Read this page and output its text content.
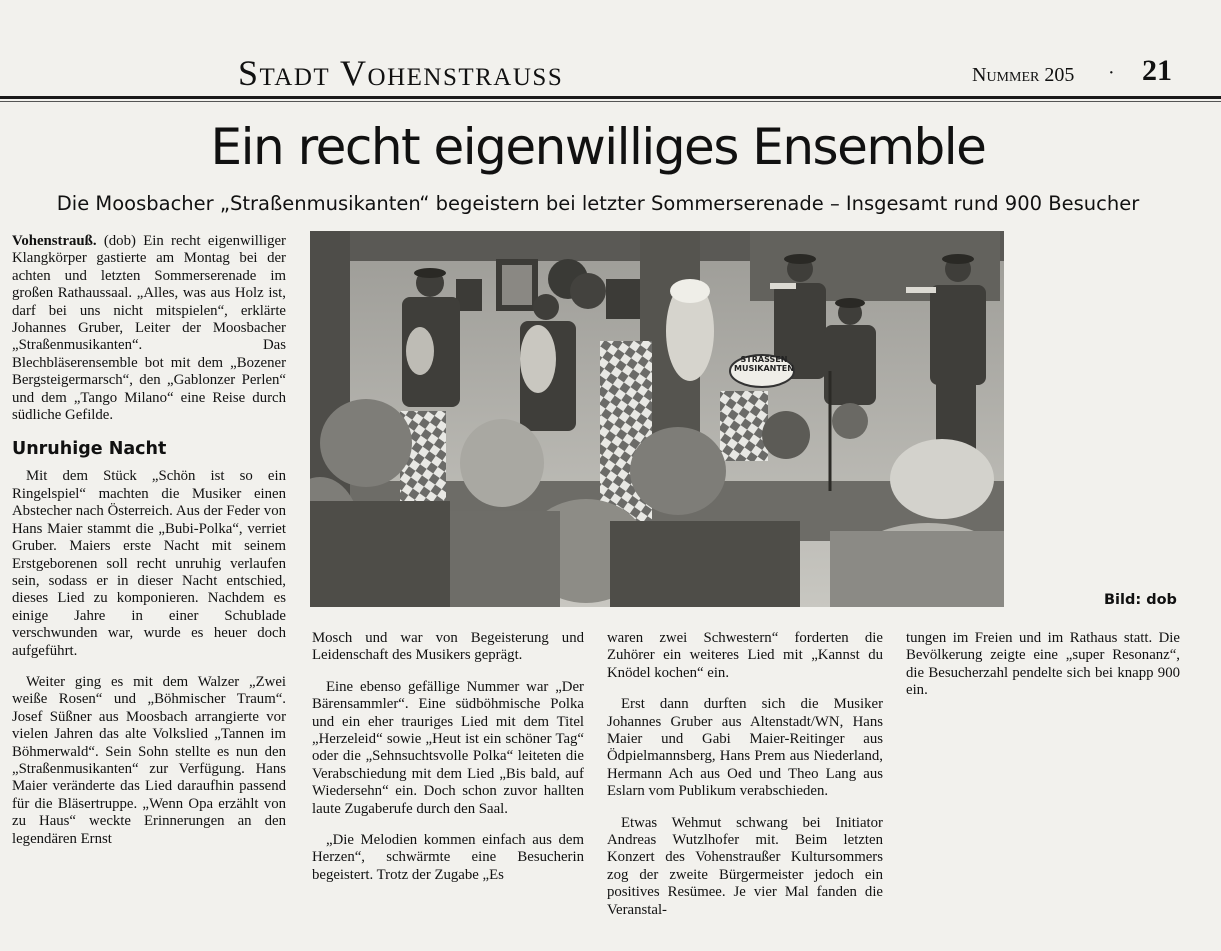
Stadt Vohenstrauss	Nummer 205 · 21
Ein recht eigenwilliges Ensemble
Die Moosbacher „Straßenmusikanten“ begeistern bei letzter Sommerserenade – Insgesamt rund 900 Besucher

Vohenstrauß. (dob) Ein recht eigenwilliger Klangkörper gastierte am Montag bei der achten und letzten Sommerserenade im großen Rathaussaal. „Alles, was aus Holz ist, darf bei uns nicht mitspielen“, erklärte Johannes Gruber, Leiter der Moosbacher „Straßenmusikanten“. Das Blechbläserensemble bot mit dem „Bozener Bergsteigermarsch“, den „Gablonzer Perlen“ und dem „Tango Milano“ eine Reise durch südliche Gefilde.

Unruhige Nacht

Mit dem Stück „Schön ist so ein Ringelspiel“ machten die Musiker einen Abstecher nach Österreich. Aus der Feder von Hans Maier stammt die „Bubi-Polka“, verriet Gruber. Maiers erste Nacht mit seinem Erstgeborenen soll recht unruhig verlaufen sein, sodass er in dieser Nacht entschied, dieses Lied zu komponieren. Nachdem es einige Jahre in einer Schublade verschwunden war, wurde es heuer doch aufgeführt.

Weiter ging es mit dem Walzer „Zwei weiße Rosen“ und „Böhmischer Traum“. Josef Süßner aus Moosbach arrangierte vor vielen Jahren das alte Volkslied „Tannen im Böhmerwald“. Sein Sohn stellte es nun den „Straßenmusikanten“ zur Verfügung. Hans Maier veränderte das Lied daraufhin passend für die Bläsertruppe. „Wenn Opa erzählt von zu Haus“ weckte Erinnerungen an den legendären Ernst

STRASSEN MUSIKANTEN
Bild: dob

Mosch und war von Begeisterung und Leidenschaft des Musikers geprägt.

Eine ebenso gefällige Nummer war „Der Bärensammler“. Eine südböhmische Polka und ein eher trauriges Lied mit dem Titel „Herzeleid“ sowie „Heut ist ein schöner Tag“ oder die „Sehnsuchtsvolle Polka“ leiteten die Verabschiedung mit dem Lied „Bis bald, auf Wiedersehn“ ein. Doch schon zuvor hallten laute Zugaberufe durch den Saal.

„Die Melodien kommen einfach aus dem Herzen“, schwärmte eine Besucherin begeistert. Trotz der Zugabe „Es

waren zwei Schwestern“ forderten die Zuhörer ein weiteres Lied mit „Kannst du Knödel kochen“ ein.

Erst dann durften sich die Musiker Johannes Gruber aus Altenstadt/WN, Hans Maier und Gabi Maier-Reitinger aus Ödpielmannsberg, Hans Prem aus Niederland, Hermann Ach aus Oed und Theo Lang aus Eslarn vom Publikum verabschieden.

Etwas Wehmut schwang bei Initiator Andreas Wutzlhofer mit. Beim letzten Konzert des Vohenstraußer Kultursommers zog der zweite Bürgermeister jedoch ein positives Resümee. Je vier Mal fanden die Veranstal-

tungen im Freien und im Rathaus statt. Die Bevölkerung zeigte eine „super Resonanz“, die Besucherzahl pendelte sich bei knapp 900 ein.
